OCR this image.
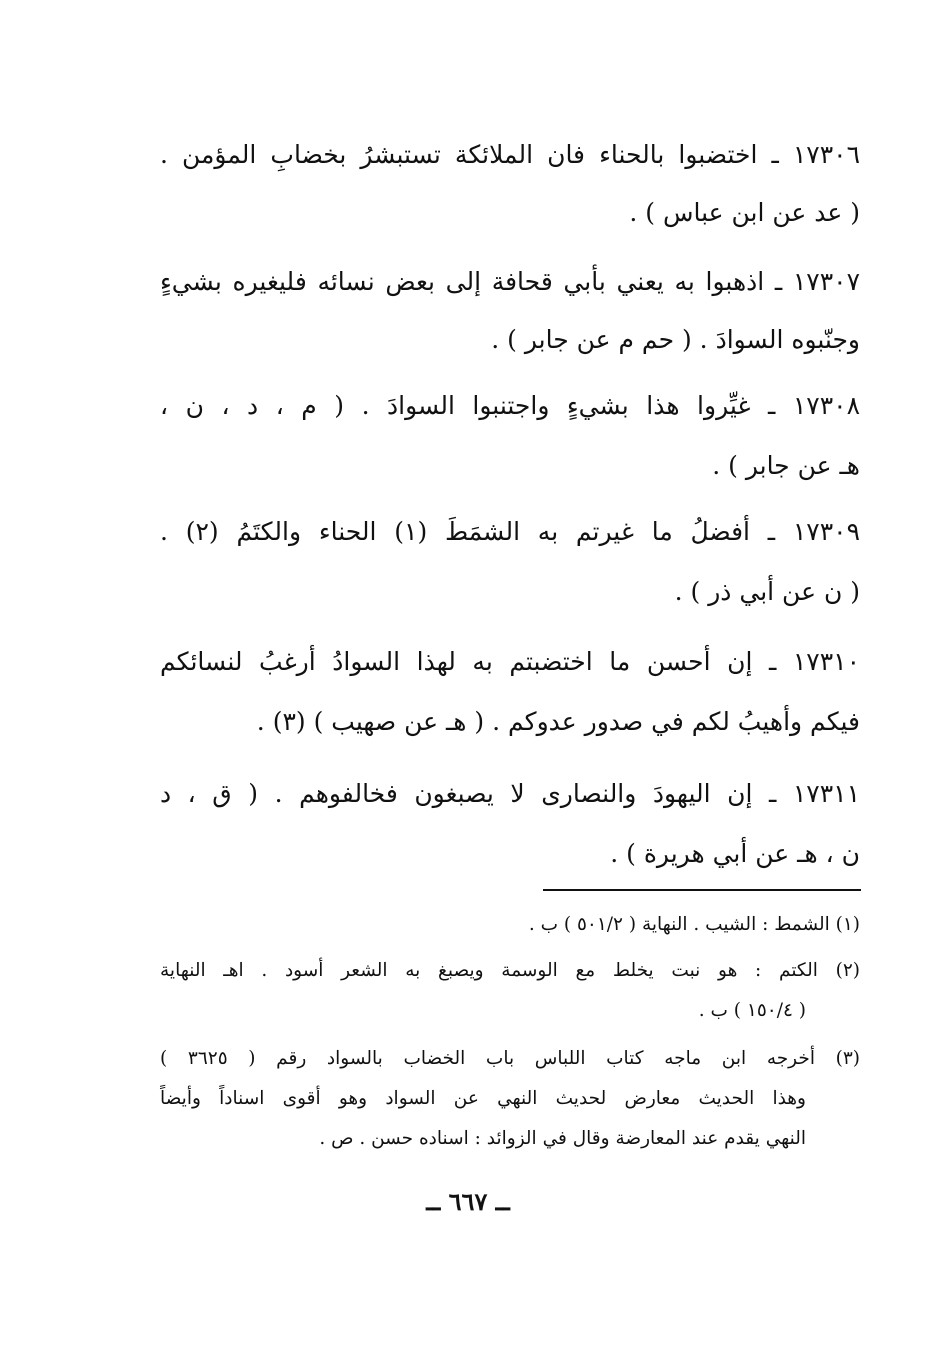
١٧٣٠٦ ـ اختضبوا بالحناء فان الملائكة تستبشرُ بخضابِ المؤمن .
( عد عن ابن عباس ) .
١٧٣٠٧ ـ اذهبوا به يعني بأبي قحافة إلى بعض نسائه فليغيره بشيءٍ
وجنّبوه السوادَ . ( حم م عن جابر ) .
١٧٣٠٨ ـ غيِّروا هذا بشيءٍ واجتنبوا السوادَ . ( م ، د ، ن ،
هـ عن جابر ) .
١٧٣٠٩ ـ أفضلُ ما غيرتم به الشمَطَ (١) الحناء والكتَمُ (٢) .
( ن عن أبي ذر ) .
١٧٣١٠ ـ إن أحسن ما اختضبتم به لهذا السوادُ أرغبُ لنسائكم
فيكم وأهيبُ لكم في صدور عدوكم . ( هـ عن صهيب ) (٣) .
١٧٣١١ ـ إن اليهودَ والنصارى لا يصبغون فخالفوهم . ( ق ، د
ن ، هـ عن أبي هريرة ) .
(١) الشمط : الشيب . النهاية ( ٥٠١/٢ ) ب .
(٢) الكتم : هو نبت يخلط مع الوسمة ويصبغ به الشعر أسود . اهـ النهاية
( ١٥٠/٤ ) ب .
(٣) أخرجه ابن ماجه كتاب اللباس باب الخضاب بالسواد رقم ( ٣٦٢٥ )
وهذا الحديث معارض لحديث النهي عن السواد وهو أقوى اسناداً وأيضاً
النهي يقدم عند المعارضة وقال في الزوائد : اسناده حسن . ص .
ــ ٦٦٧ ــ
